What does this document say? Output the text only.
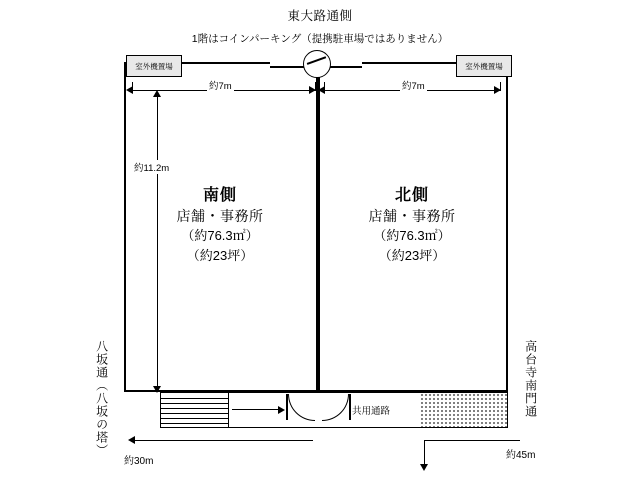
東大路通側
1階はコインパーキング（提携駐車場ではありません）
室外機置場	室外機置場
約7m	約7m
約11.2m
南側
店舗・事務所
（約76.3㎡）
（約23坪）
北側
店舗・事務所
（約76.3㎡）
（約23坪）
共用通路
八坂通（八坂の塔）	高台寺南門通
約30m
約45m
